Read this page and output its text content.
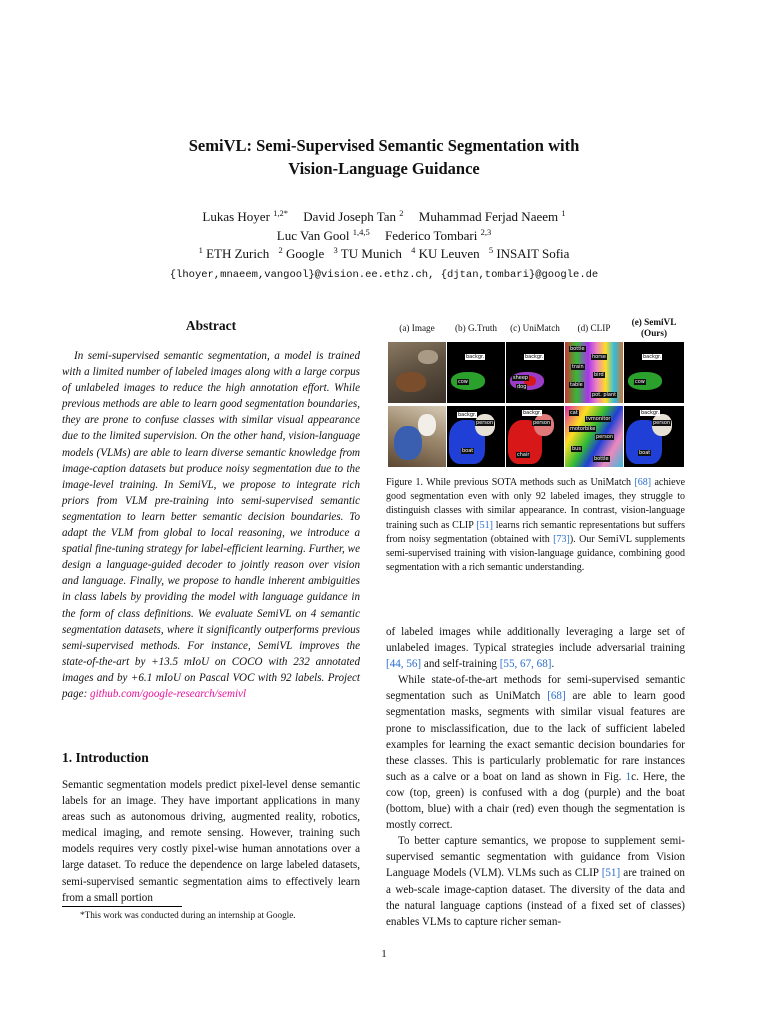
SemiVL: Semi-Supervised Semantic Segmentation with
Vision-Language Guidance
Lukas Hoyer $^{1,2*}$ David Joseph Tan $^2$ Muhammad Ferjad Naeem $^1$
Luc Van Gool $^{1,4,5}$ Federico Tombari $^{2,3}$
$^1$ ETH Zurich $^2$ Google $^3$ TU Munich $^4$ KU Leuven $^5$ INSAIT Sofia
{lhoyer,mnaeem,vangool}@vision.ee.ethz.ch, {djtan,tombari}@google.de
Abstract

In semi-supervised semantic segmentation, a model is trained with a limited number of labeled images along with a large corpus of unlabeled images to reduce the high annotation effort. While previous methods are able to learn good segmentation boundaries, they are prone to confuse classes with similar visual appearance due to the limited supervision. On the other hand, vision-language models (VLMs) are able to learn diverse semantic knowledge from image-caption datasets but produce noisy segmentation due to the image-level training. In SemiVL, we propose to integrate rich priors from VLM pre-training into semi-supervised semantic segmentation to learn better semantic decision boundaries. To adapt the VLM from global to local reasoning, we introduce a spatial fine-tuning strategy for label-efficient learning. Further, we design a language-guided decoder to jointly reason over vision and language. Finally, we propose to handle inherent ambiguities in class labels by providing the model with language guidance in the form of class definitions. We evaluate SemiVL on 4 semantic segmentation datasets, where it significantly outperforms previous semi-supervised methods. For instance, SemiVL improves the state-of-the-art by +13.5 mIoU on COCO with 232 annotated images and by +6.1 mIoU on Pascal VOC with 92 labels. Project page: github.com/google-research/semivl

1. Introduction
Semantic segmentation models predict pixel-level dense semantic labels for an image. They have important applications in many areas such as autonomous driving, augmented reality, robotics, medical imaging, and remote sensing. However, training such models requires very costly pixel-wise human annotations over a large dataset. To reduce the dependence on large labeled datasets, semi-supervised semantic segmentation aims to effectively learn from a small portion
*This work was conducted during an internship at Google.
(a) Image	(b) G.Truth	(c) UniMatch	(d) CLIP
(e) SemiVL
(Ours)
backgr.
cow
backgr.
sheep
dog
bottle
horse
train
bird
table
pot. plant
backgr.
cow
backgr.
person
boat
backgr.
person
chair
cat
tvmonitor
motorbike
person
bus
bottle
backgr.
person
boat
Figure 1. While previous SOTA methods such as UniMatch [68] achieve good segmentation even with only 92 labeled images, they struggle to distinguish classes with similar appearance. In contrast, vision-language training such as CLIP [51] learns rich semantic representations but suffers from noisy segmentation (obtained with [73]). Our SemiVL supplements semi-supervised training with vision-language guidance, combining good segmentation with a rich semantic understanding.

of labeled images while additionally leveraging a large set of unlabeled images. Typical strategies include adversarial training [44, 56] and self-training [55, 67, 68].

While state-of-the-art methods for semi-supervised semantic segmentation such as UniMatch [68] are able to learn good segmentation masks, segments with similar visual features are prone to misclassification, due to the lack of sufficient labeled examples for learning the exact semantic decision boundaries for these classes. This is particularly problematic for rare instances such as a calve or a boat on land as shown in Fig. 1c. Here, the cow (top, green) is confused with a dog (purple) and the boat (bottom, blue) with a chair (red) even though the segmentation is mostly correct.

To better capture semantics, we propose to supplement semi-supervised semantic segmentation with guidance from Vision Language Models (VLM). VLMs such as CLIP [51] are trained on a web-scale image-caption dataset. The diversity of the data and the natural language captions (instead of a fixed set of classes) enables VLMs to capture richer seman-

1
